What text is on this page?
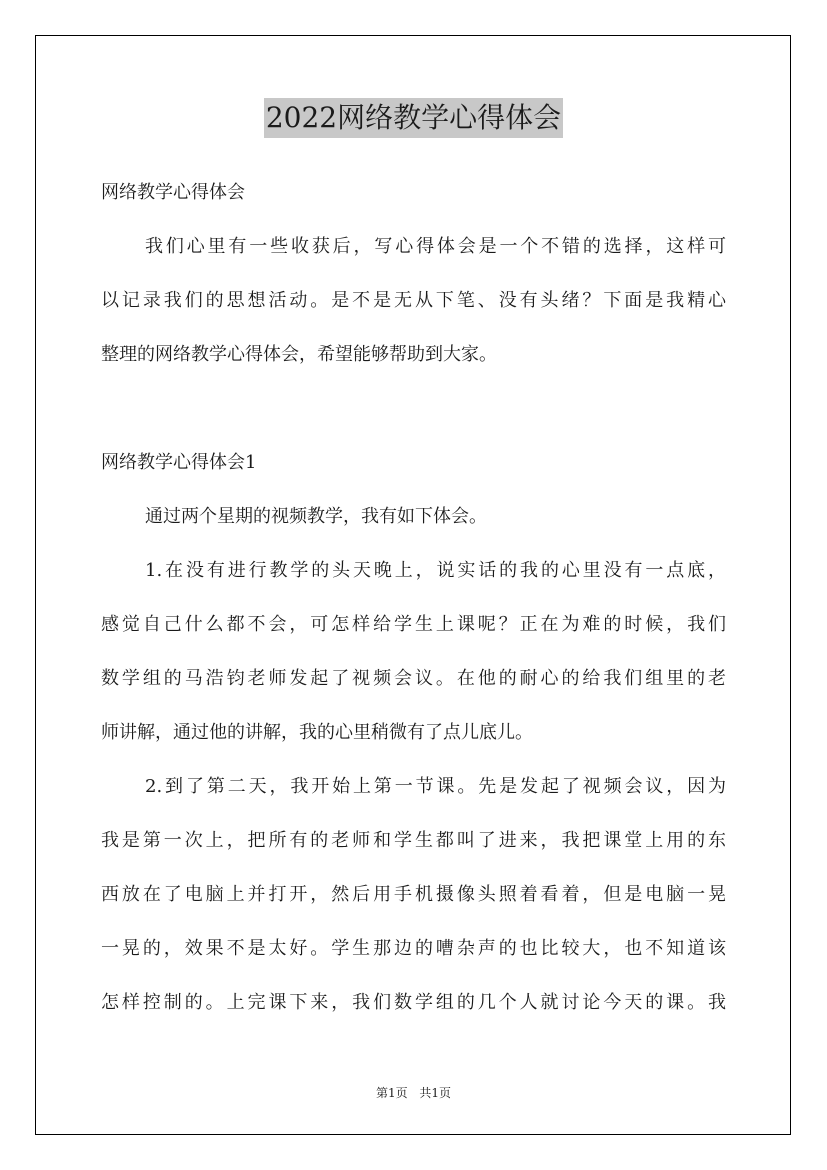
2022网络教学心得体会
网络教学心得体会
我们心里有一些收获后，写心得体会是一个不错的选择，这样可
以记录我们的思想活动。是不是无从下笔、没有头绪？下面是我精心
整理的网络教学心得体会，希望能够帮助到大家。
网络教学心得体会1
通过两个星期的视频教学，我有如下体会。
1.在没有进行教学的头天晚上，说实话的我的心里没有一点底，
感觉自己什么都不会，可怎样给学生上课呢？正在为难的时候，我们
数学组的马浩钧老师发起了视频会议。在他的耐心的给我们组里的老
师讲解，通过他的讲解，我的心里稍微有了点儿底儿。
2.到了第二天，我开始上第一节课。先是发起了视频会议，因为
我是第一次上，把所有的老师和学生都叫了进来，我把课堂上用的东
西放在了电脑上并打开，然后用手机摄像头照着看着，但是电脑一晃
一晃的，效果不是太好。学生那边的嘈杂声的也比较大，也不知道该
怎样控制的。上完课下来，我们数学组的几个人就讨论今天的课。我
第1页 共1页
